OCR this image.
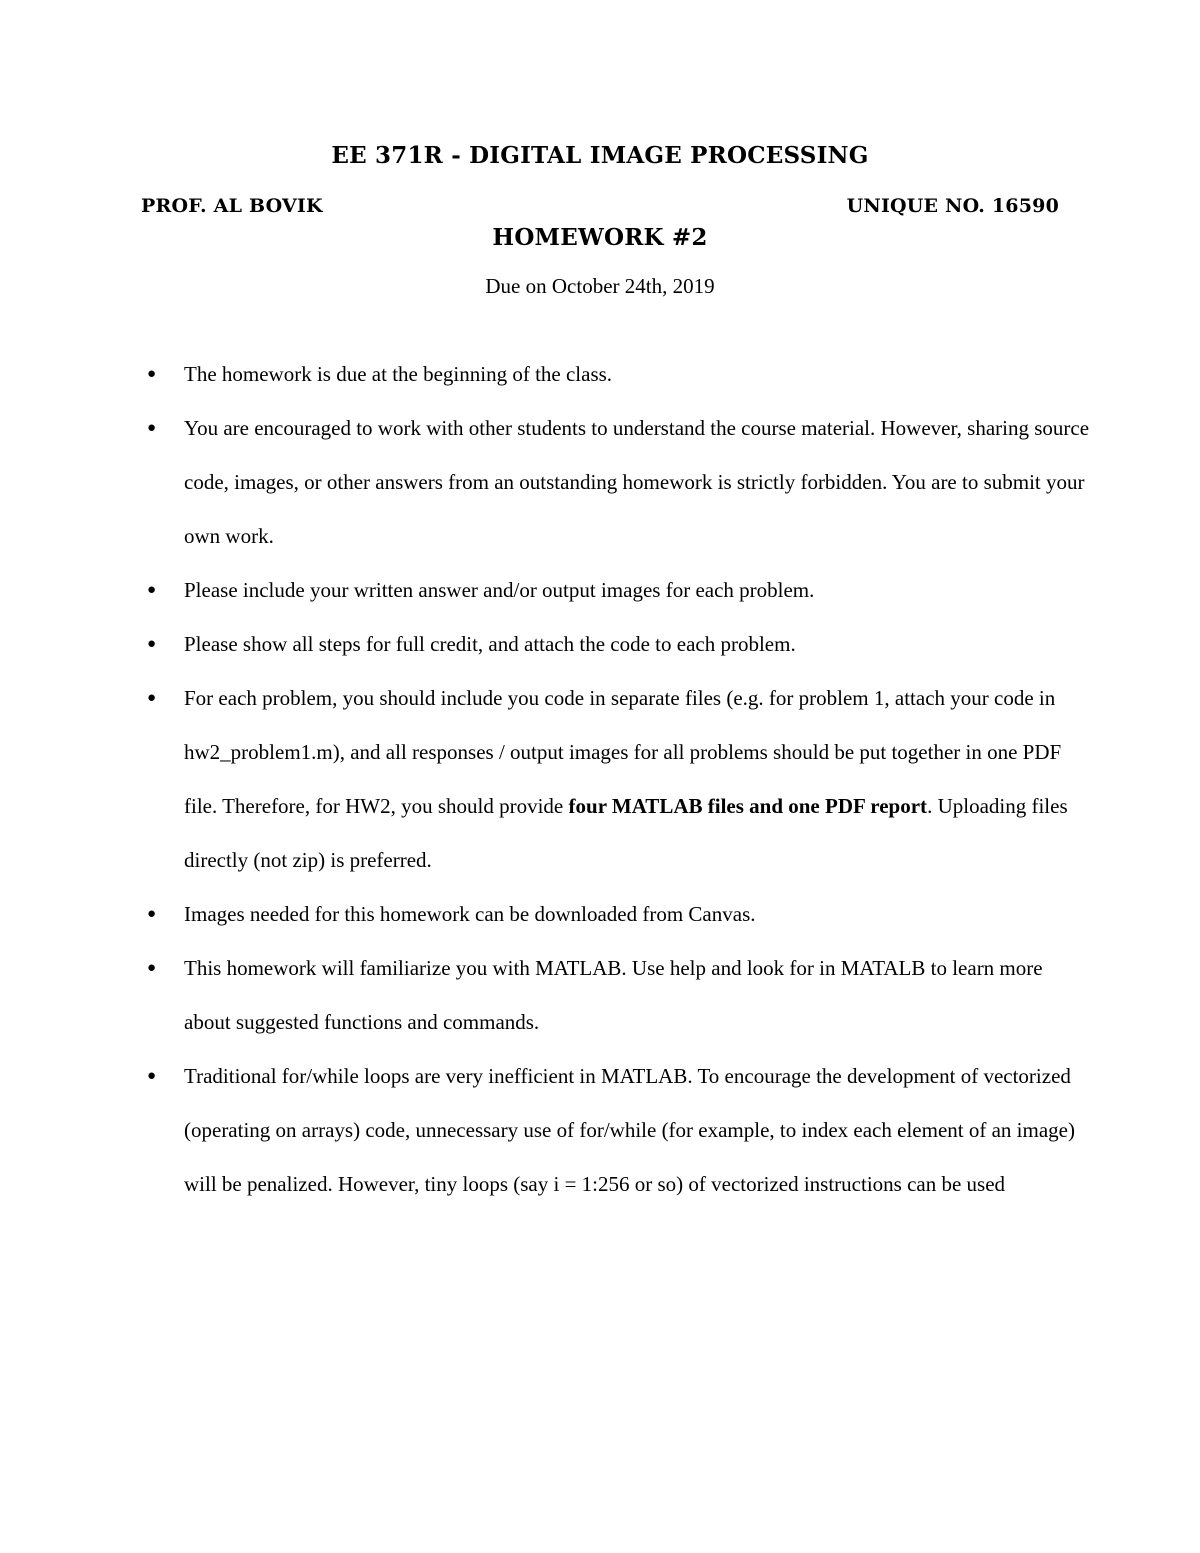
EE 371R - DIGITAL IMAGE PROCESSING
PROF. AL BOVIK	UNIQUE NO. 16590
HOMEWORK #2
Due on October 24th, 2019
● The homework is due at the beginning of the class.
● You are encouraged to work with other students to understand the course material. However, sharing source code, images, or other answers from an outstanding homework is strictly forbidden. You are to submit your own work.
● Please include your written answer and/or output images for each problem.
● Please show all steps for full credit, and attach the code to each problem.
● For each problem, you should include you code in separate files (e.g. for problem 1, attach your code in hw2_problem1.m), and all responses / output images for all problems should be put together in one PDF file. Therefore, for HW2, you should provide four MATLAB files and one PDF report. Uploading files directly (not zip) is preferred.
● Images needed for this homework can be downloaded from Canvas.
● This homework will familiarize you with MATLAB. Use help and look for in MATALB to learn more about suggested functions and commands.
● Traditional for/while loops are very inefficient in MATLAB. To encourage the development of vectorized (operating on arrays) code, unnecessary use of for/while (for example, to index each element of an image) will be penalized. However, tiny loops (say i = 1:256 or so) of vectorized instructions can be used
